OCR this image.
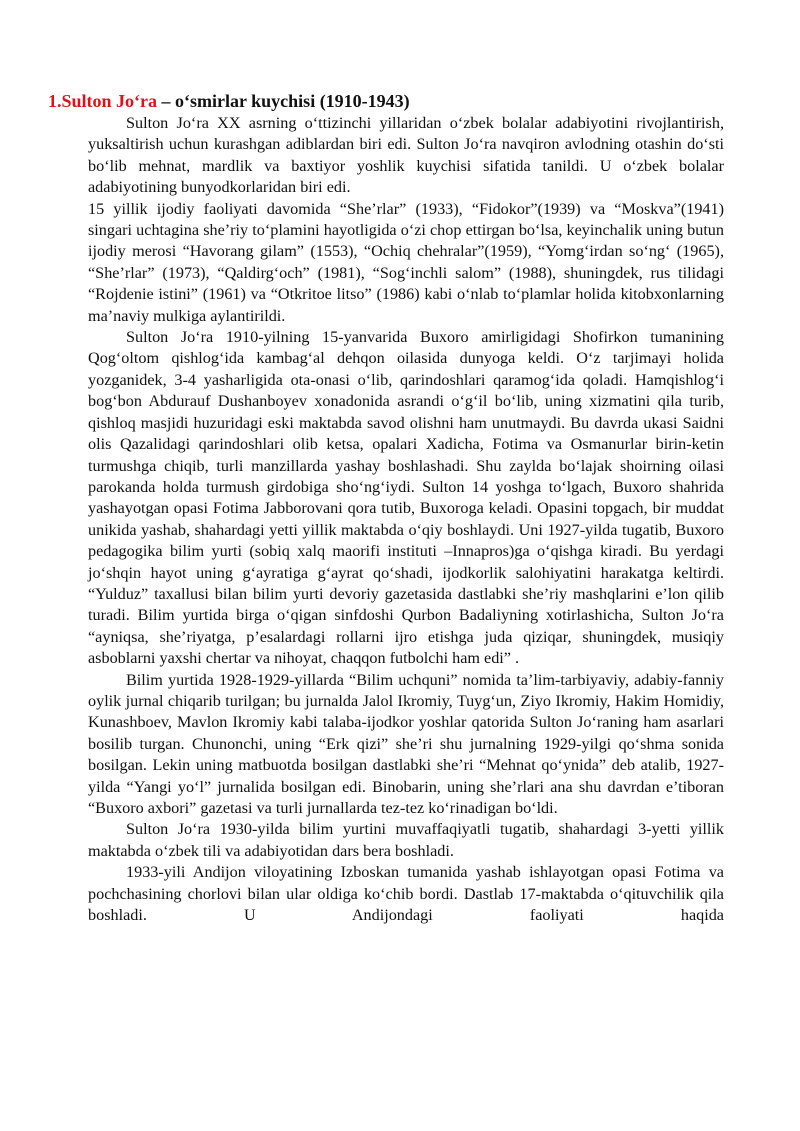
1.Sulton Jo‘ra – o‘smirlar kuychisi (1910-1943)

Sulton Jo‘ra XX asrning o‘ttizinchi yillaridan o‘zbek bolalar adabiyotini rivojlantirish, yuksaltirish uchun kurashgan adiblardan biri edi. Sulton Jo‘ra navqiron avlodning otashin do‘sti bo‘lib mehnat, mardlik va baxtiyor yoshlik kuychisi sifatida tanildi. U o‘zbek bolalar adabiyotining bunyodkorlaridan biri edi.

15 yillik ijodiy faoliyati davomida “She’rlar” (1933), “Fidokor”(1939) va “Moskva”(1941) singari uchtagina she’riy to‘plamini hayotligida o‘zi chop ettirgan bo‘lsa, keyinchalik uning butun ijodiy merosi “Havorang gilam” (1553), “Ochiq chehralar”(1959), “Yomg‘irdan so‘ng‘ (1965), “She’rlar” (1973), “Qaldirg‘och” (1981), “Sog‘inchli salom” (1988), shuningdek, rus tilidagi “Rojdenie istini” (1961) va “Otkritoe litso” (1986) kabi o‘nlab to‘plamlar holida kitobxonlarning ma’naviy mulkiga aylantirildi.

Sulton Jo‘ra 1910-yilning 15-yanvarida Buxoro amirligidagi Shofirkon tumanining Qog‘oltom qishlog‘ida kambag‘al dehqon oilasida dunyoga keldi. O‘z tarjimayi holida yozganidek, 3-4 yasharligida ota-onasi o‘lib, qarindoshlari qaramog‘ida qoladi. Hamqishlog‘i bog‘bon Abdurauf Dushanboyev xonadonida asrandi o‘g‘il bo‘lib, uning xizmatini qila turib, qishloq masjidi huzuridagi eski maktabda savod olishni ham unutmaydi. Bu davrda ukasi Saidni olis Qazalidagi qarindoshlari olib ketsa, opalari Xadicha, Fotima va Osmanurlar birin-ketin turmushga chiqib, turli manzillarda yashay boshlashadi. Shu zaylda bo‘lajak shoirning oilasi parokanda holda turmush girdobiga sho‘ng‘iydi. Sulton 14 yoshga to‘lgach, Buxoro shahrida yashayotgan opasi Fotima Jabborovani qora tutib, Buxoroga keladi. Opasini topgach, bir muddat unikida yashab, shahardagi yetti yillik maktabda o‘qiy boshlaydi. Uni 1927-yilda tugatib, Buxoro pedagogika bilim yurti (sobiq xalq maorifi instituti –Innapros)ga o‘qishga kiradi. Bu yerdagi jo‘shqin hayot uning g‘ayratiga g‘ayrat qo‘shadi, ijodkorlik salohiyatini harakatga keltirdi. “Yulduz” taxallusi bilan bilim yurti devoriy gazetasida dastlabki she’riy mashqlarini e’lon qilib turadi. Bilim yurtida birga o‘qigan sinfdoshi Qurbon Badaliyning xotirlashicha, Sulton Jo‘ra “ayniqsa, she’riyatga, p’esalardagi rollarni ijro etishga juda qiziqar, shuningdek, musiqiy asboblarni yaxshi chertar va nihoyat, chaqqon futbolchi ham edi” .

Bilim yurtida 1928-1929-yillarda “Bilim uchquni” nomida ta’lim-tarbiyaviy, adabiy-fanniy oylik jurnal chiqarib turilgan; bu jurnalda Jalol Ikromiy, Tuyg‘un, Ziyo Ikromiy, Hakim Homidiy, Kunashboev, Mavlon Ikromiy kabi talaba-ijodkor yoshlar qatorida Sulton Jo‘raning ham asarlari bosilib turgan. Chunonchi, uning “Erk qizi” she’ri shu jurnalning 1929-yilgi qo‘shma sonida bosilgan. Lekin uning matbuotda bosilgan dastlabki she’ri “Mehnat qo‘ynida” deb atalib, 1927- yilda “Yangi yo‘l” jurnalida bosilgan edi. Binobarin, uning she’rlari ana shu davrdan e’tiboran “Buxoro axbori” gazetasi va turli jurnallarda tez-tez ko‘rinadigan bo‘ldi.

Sulton Jo‘ra 1930-yilda bilim yurtini muvaffaqiyatli tugatib, shahardagi 3-yetti yillik maktabda o‘zbek tili va adabiyotidan dars bera boshladi.

1933-yili Andijon viloyatining Izboskan tumanida yashab ishlayotgan opasi Fotima va pochchasining chorlovi bilan ular oldiga ko‘chib bordi. Dastlab 17-maktabda o‘qituvchilik qila boshladi. U Andijondagi faoliyati haqida
